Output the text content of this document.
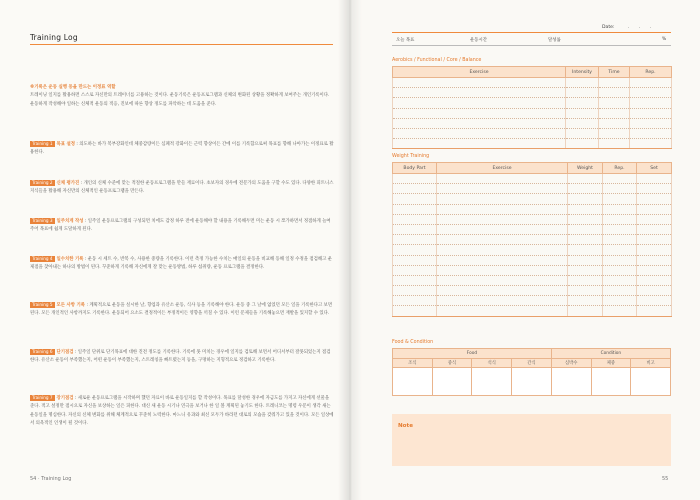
Training Log
※기록은 운동 실행 동을 만드는 이정표 역할
트레이닝 일지를 활용하면 스스로 자신만의 트레이너를 고용하는 것이다. 운동기록은 운동프로그램과 신체의 변화된 상황을 정확하게 보여주는 개인기록이다. 운동하게 작성해야 일하는 신체적 운동의 적응, 진보에 따른 향상 정도를 파악하는 데 도움을 준다.
Training 1 목표 설정 : 의도하는 바가 복부강화인데 체중감량이든 심폐적 강화이든 근력 향상이든 간에 이를 기록함으로써 목표를 향해 나아가는 이정표로 활용한다.
Training 2 신체 평가진 : 개인의 신체 수준에 맞는 적절한 운동프로그램을 만들 재료이다. 초보자의 경우에 전문가의 도움을 구할 수도 있다. 다양한 피트니스 지식들을 활용해 자신만의 신체적인 운동프로그램을 만든다.
Training 3 일주치게 작성 : 일주일 운동프로그램의 구성되면 치에도 감정 하루 전에 운동해야 할 내용을 기록해두면 미는 운동 시 쪼가하면서 정점하게 늘여주어 목표에 쉽게 도달하게 된다.
Training 4 일수치한 기록 : 운동 시 세트 수, 반복 수, 사용한 중량을 기록한다. 이런 측정 가능한 수치는 매일의 운동을 비교해 동해 일정 수정을 점검해고 운제점을 찾아내는 하나의 방법이 된다. 꾸준하게 기록해 자신에게 잘 맞는 운동방법, 하루 섭취량, 운동 프로그램을 결정한다.
Training 5 모든 사항 기록 : 계획적으로 운동을 실시한 날, 향업과 유산소 운동, 식사 등을 기록해야 한다. 운동 중 그 날에 없었던 모든 일을 기록한다고 보면 된다. 모든 개인적인 사항까지도 기록한다. 운동되어 요소도 결정적이든 부정적이든 영향을 끼칠 수 있다. 이런 문제들을 기록해놓으면 재발을 있지할 수 있다.
Training 6 단기점검 : 일주일 단위로 단기목표에 대한 진전 정도를 기록한다. 기록에 못 미치는 경우에 일지를 검토해 보면서 어디서부터 잘못되었는지 점검한다. 유산소 운동이 부족했는지, 어떤 운동이 부족했는지, 스트레칭을 빠트렸는지 등을, 구멍하는 지형적으로 정검하고 기록한다.
Training 7 장기점검 : 새로운 운동프로그램을 시작하며 했던 자료이 바로 운동일지를 할 작성이다. 목표를 달성한 경우에 자금도를 가지고 자신에게 선물을 준다. 적고 설정만 점시으로 자신을 보상하는 일은 피한다. 대신 새 운동 시기나 연극을 보거나 한 일 볼 계획된 놓기도 한다. 트레니코는 명령 우문이 생각 새는 운동일을 명심한다. 자신의 신체 변화를 위해 체계적으로 꾸준히 노력한다. 마느니 유과와 최신 모두가 바라던 대로의 모습을 갖춰가고 있을 것이다. 모든 일상에서 의욕적인 인생이 될 것이다.
54 · Training Log
Date:	. . .
오늘 목표	운동시간	달성률	%
Aerobics / Functional / Core / Balance
Exercise	Intensity	Time	Rep.

Weight Training
Body Part	Exercise	Weight	Rep.	Set

Food & Condition
Food				Condition		
조식	중식	석식	간식	심박수	체중	비고

Note
55
